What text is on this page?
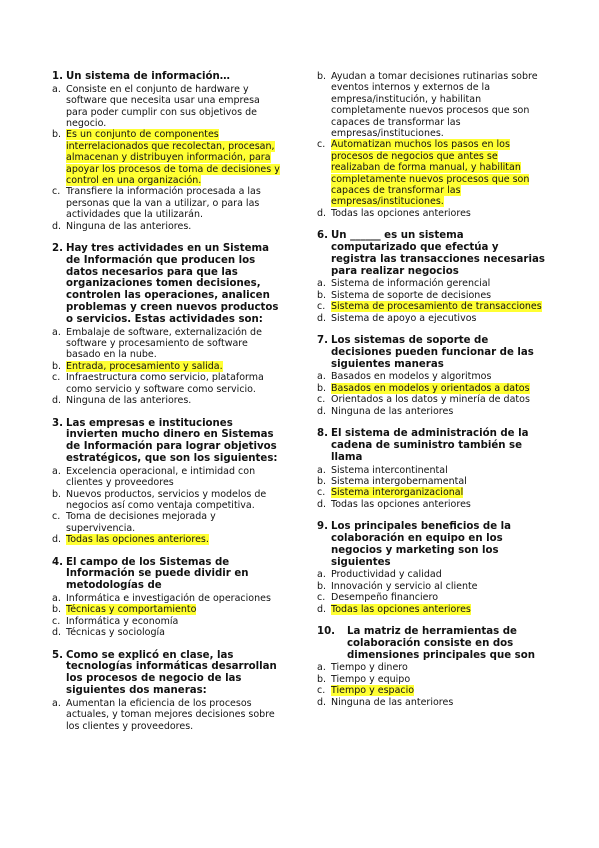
1. Un sistema de información…
a. Consiste en el conjunto de hardware y software que necesita usar una empresa para poder cumplir con sus objetivos de negocio.
b. Es un conjunto de componentes interrelacionados que recolectan, procesan, almacenan y distribuyen información, para apoyar los procesos de toma de decisiones y control en una organización.
c. Transfiere la información procesada a las personas que la van a utilizar, o para las actividades que la utilizarán.
d. Ninguna de las anteriores.
2. Hay tres actividades en un Sistema de Información que producen los datos necesarios para que las organizaciones tomen decisiones, controlen las operaciones, analicen problemas y creen nuevos productos o servicios. Estas actividades son:
a. Embalaje de software, externalización de software y procesamiento de software basado en la nube.
b. Entrada, procesamiento y salida.
c. Infraestructura como servicio, plataforma como servicio y software como servicio.
d. Ninguna de las anteriores.
3. Las empresas e instituciones invierten mucho dinero en Sistemas de Información para lograr objetivos estratégicos, que son los siguientes:
a. Excelencia operacional, e intimidad con clientes y proveedores
b. Nuevos productos, servicios y modelos de negocios así como ventaja competitiva.
c. Toma de decisiones mejorada y supervivencia.
d. Todas las opciones anteriores.
4. El campo de los Sistemas de Información se puede dividir en metodologías de
a. Informática e investigación de operaciones
b. Técnicas y comportamiento
c. Informática y economía
d. Técnicas y sociología
5. Como se explicó en clase, las tecnologías informáticas desarrollan los procesos de negocio de las siguientes dos maneras:
a. Aumentan la eficiencia de los procesos actuales, y toman mejores decisiones sobre los clientes y proveedores.
b. Ayudan a tomar decisiones rutinarias sobre eventos internos y externos de la empresa/institución, y habilitan completamente nuevos procesos que son capaces de transformar las empresas/instituciones.
c. Automatizan muchos los pasos en los procesos de negocios que antes se realizaban de forma manual, y habilitan completamente nuevos procesos que son capaces de transformar las empresas/instituciones.
d. Todas las opciones anteriores
6. Un ______ es un sistema computarizado que efectúa y registra las transacciones necesarias para realizar negocios
a. Sistema de información gerencial
b. Sistema de soporte de decisiones
c. Sistema de procesamiento de transacciones
d. Sistema de apoyo a ejecutivos
7. Los sistemas de soporte de decisiones pueden funcionar de las siguientes maneras
a. Basados en modelos y algoritmos
b. Basados en modelos y orientados a datos
c. Orientados a los datos y minería de datos
d. Ninguna de las anteriores
8. El sistema de administración de la cadena de suministro también se llama
a. Sistema intercontinental
b. Sistema intergobernamental
c. Sistema interorganizacional
d. Todas las opciones anteriores
9. Los principales beneficios de la colaboración en equipo en los negocios y marketing son los siguientes
a. Productividad y calidad
b. Innovación y servicio al cliente
c. Desempeño financiero
d. Todas las opciones anteriores
10.	La matriz de herramientas de colaboración consiste en dos dimensiones principales que son
a. Tiempo y dinero
b. Tiempo y equipo
c. Tiempo y espacio
d. Ninguna de las anteriores
